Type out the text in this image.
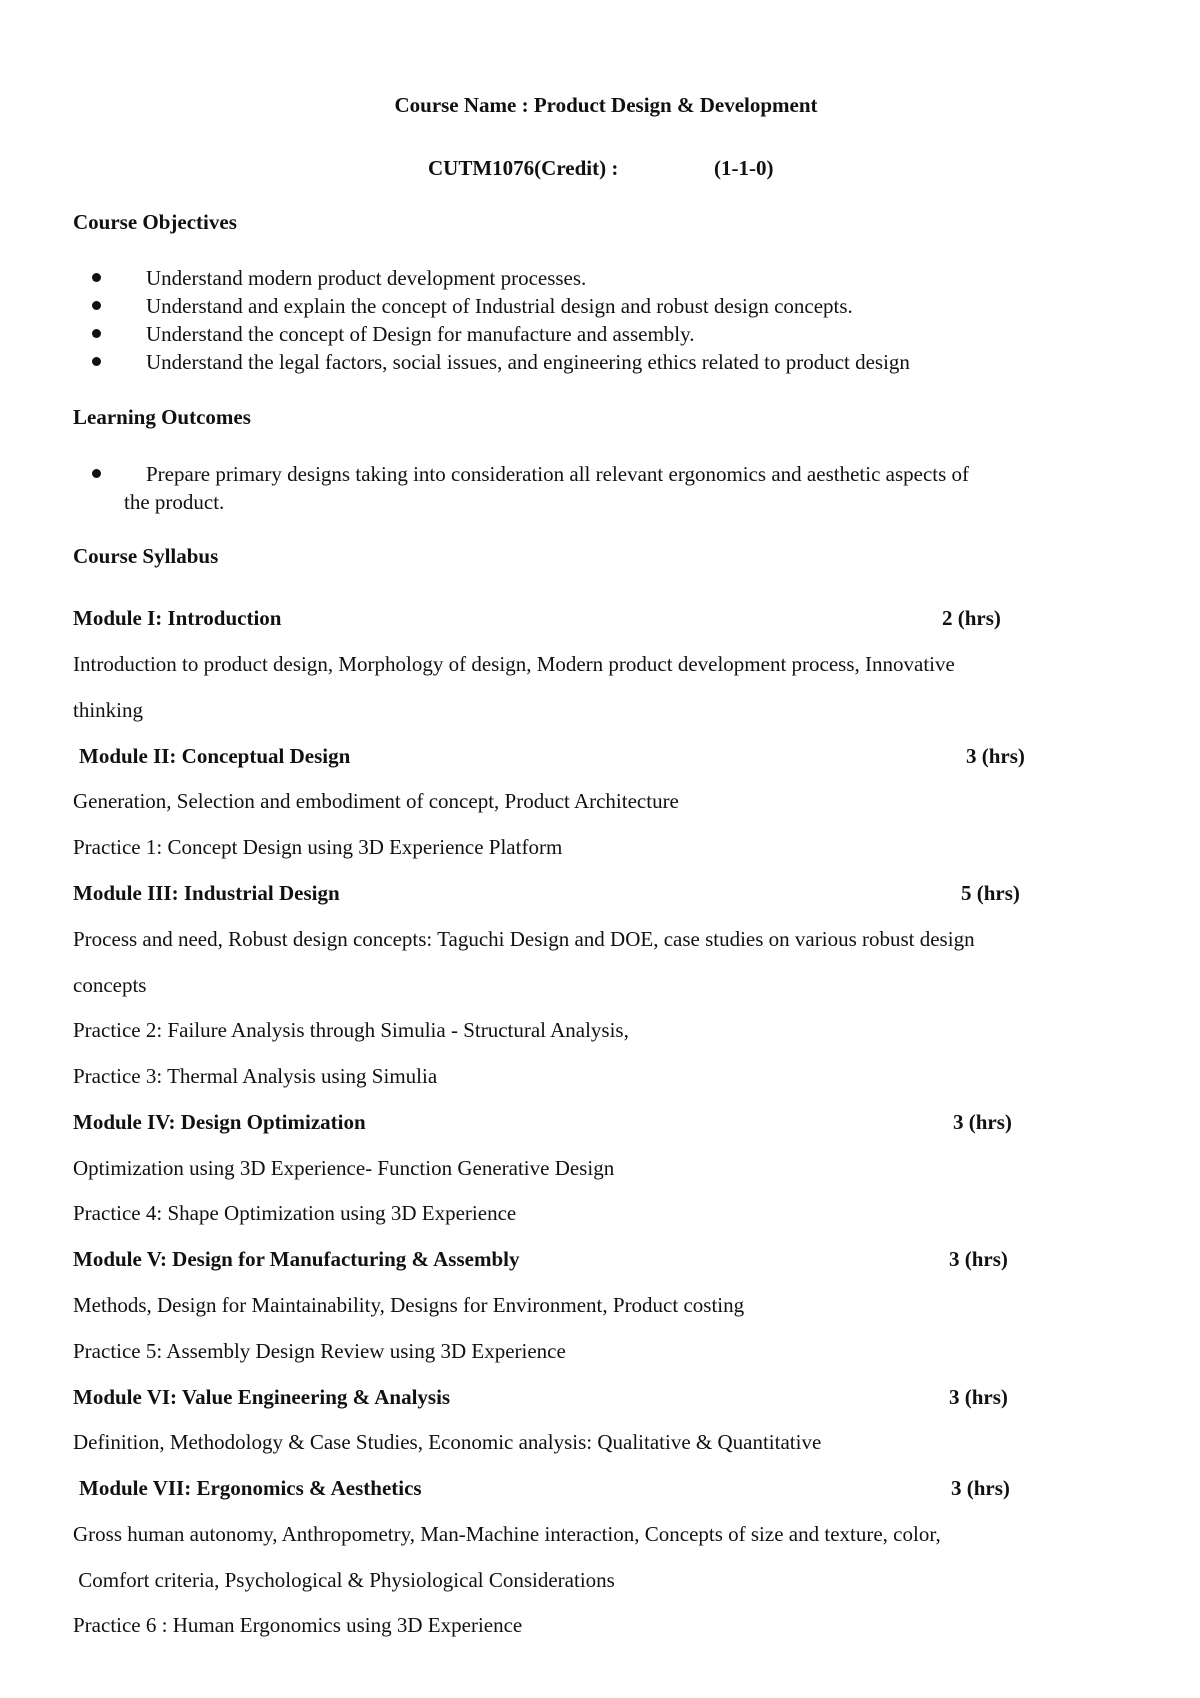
Course Name : Product Design & Development
CUTM1076(Credit) :	(1-1-0)
Course Objectives
Understand modern product development processes.
Understand and explain the concept of Industrial design and robust design concepts.
Understand the concept of Design for manufacture and assembly.
Understand the legal factors, social issues, and engineering ethics related to product design
Learning Outcomes
Prepare primary designs taking into consideration all relevant ergonomics and aesthetic aspects of
the product.
Course Syllabus
Module I: Introduction	2 (hrs)
Introduction to product design, Morphology of design, Modern product development process, Innovative
thinking
Module II: Conceptual Design	3 (hrs)
Generation, Selection and embodiment of concept, Product Architecture
Practice 1: Concept Design using 3D Experience Platform
Module III: Industrial Design	5 (hrs)
Process and need, Robust design concepts: Taguchi Design and DOE, case studies on various robust design
concepts
Practice 2: Failure Analysis through Simulia - Structural Analysis,
Practice 3: Thermal Analysis using Simulia
Module IV: Design Optimization	3 (hrs)
Optimization using 3D Experience- Function Generative Design
Practice 4: Shape Optimization using 3D Experience
Module V: Design for Manufacturing & Assembly	3 (hrs)
Methods, Design for Maintainability, Designs for Environment, Product costing
Practice 5: Assembly Design Review using 3D Experience
Module VI: Value Engineering & Analysis	3 (hrs)
Definition, Methodology & Case Studies, Economic analysis: Qualitative & Quantitative
Module VII: Ergonomics & Aesthetics	3 (hrs)
Gross human autonomy, Anthropometry, Man-Machine interaction, Concepts of size and texture, color,
Comfort criteria, Psychological & Physiological Considerations
Practice 6 : Human Ergonomics using 3D Experience
